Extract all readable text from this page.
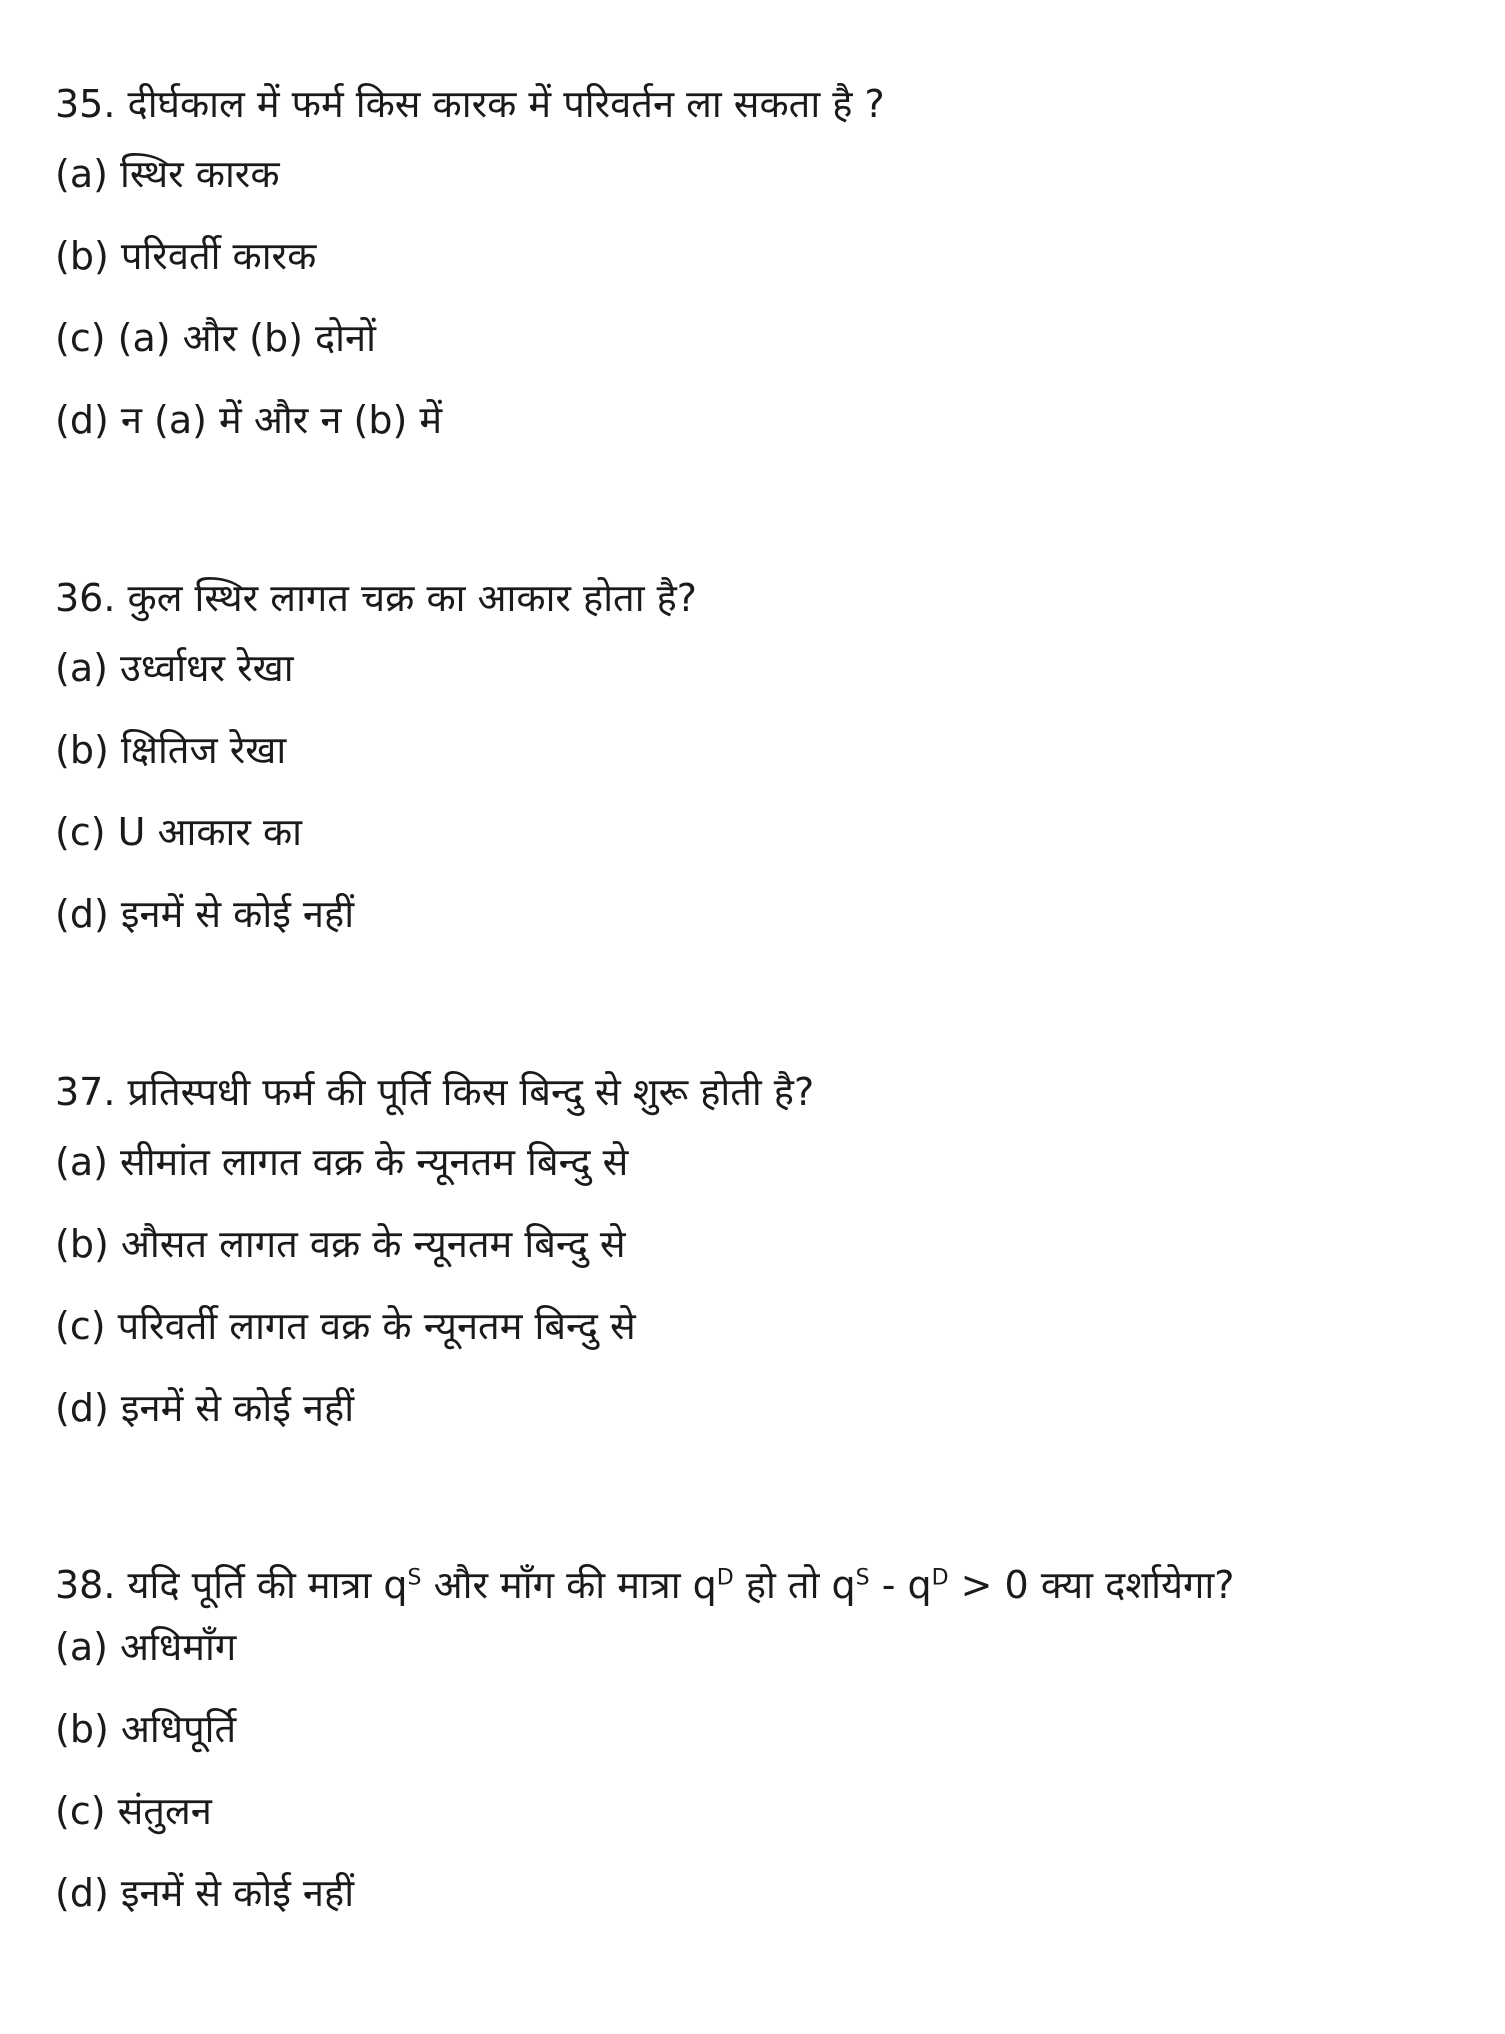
35. दीर्घकाल में फर्म किस कारक में परिवर्तन ला सकता है ?

(a) स्थिर कारक

(b) परिवर्ती कारक

(c) (a) और (b) दोनों

(d) न (a) में और न (b) में

36. कुल स्थिर लागत चक्र का आकार होता है?

(a) उर्ध्वाधर रेखा

(b) क्षितिज रेखा

(c) U आकार का

(d) इनमें से कोई नहीं

37. प्रतिस्पधी फर्म की पूर्ति किस बिन्दु से शुरू होती है?

(a) सीमांत लागत वक्र के न्यूनतम बिन्दु से

(b) औसत लागत वक्र के न्यूनतम बिन्दु से

(c) परिवर्ती लागत वक्र के न्यूनतम बिन्दु से

(d) इनमें से कोई नहीं

38. यदि पूर्ति की मात्रा $q^S$ और माँग की मात्रा $q^D$ हो तो $q^S - q^D > 0$ क्या दर्शायेगा?

(a) अधिमाँग

(b) अधिपूर्ति

(c) संतुलन

(d) इनमें से कोई नहीं
